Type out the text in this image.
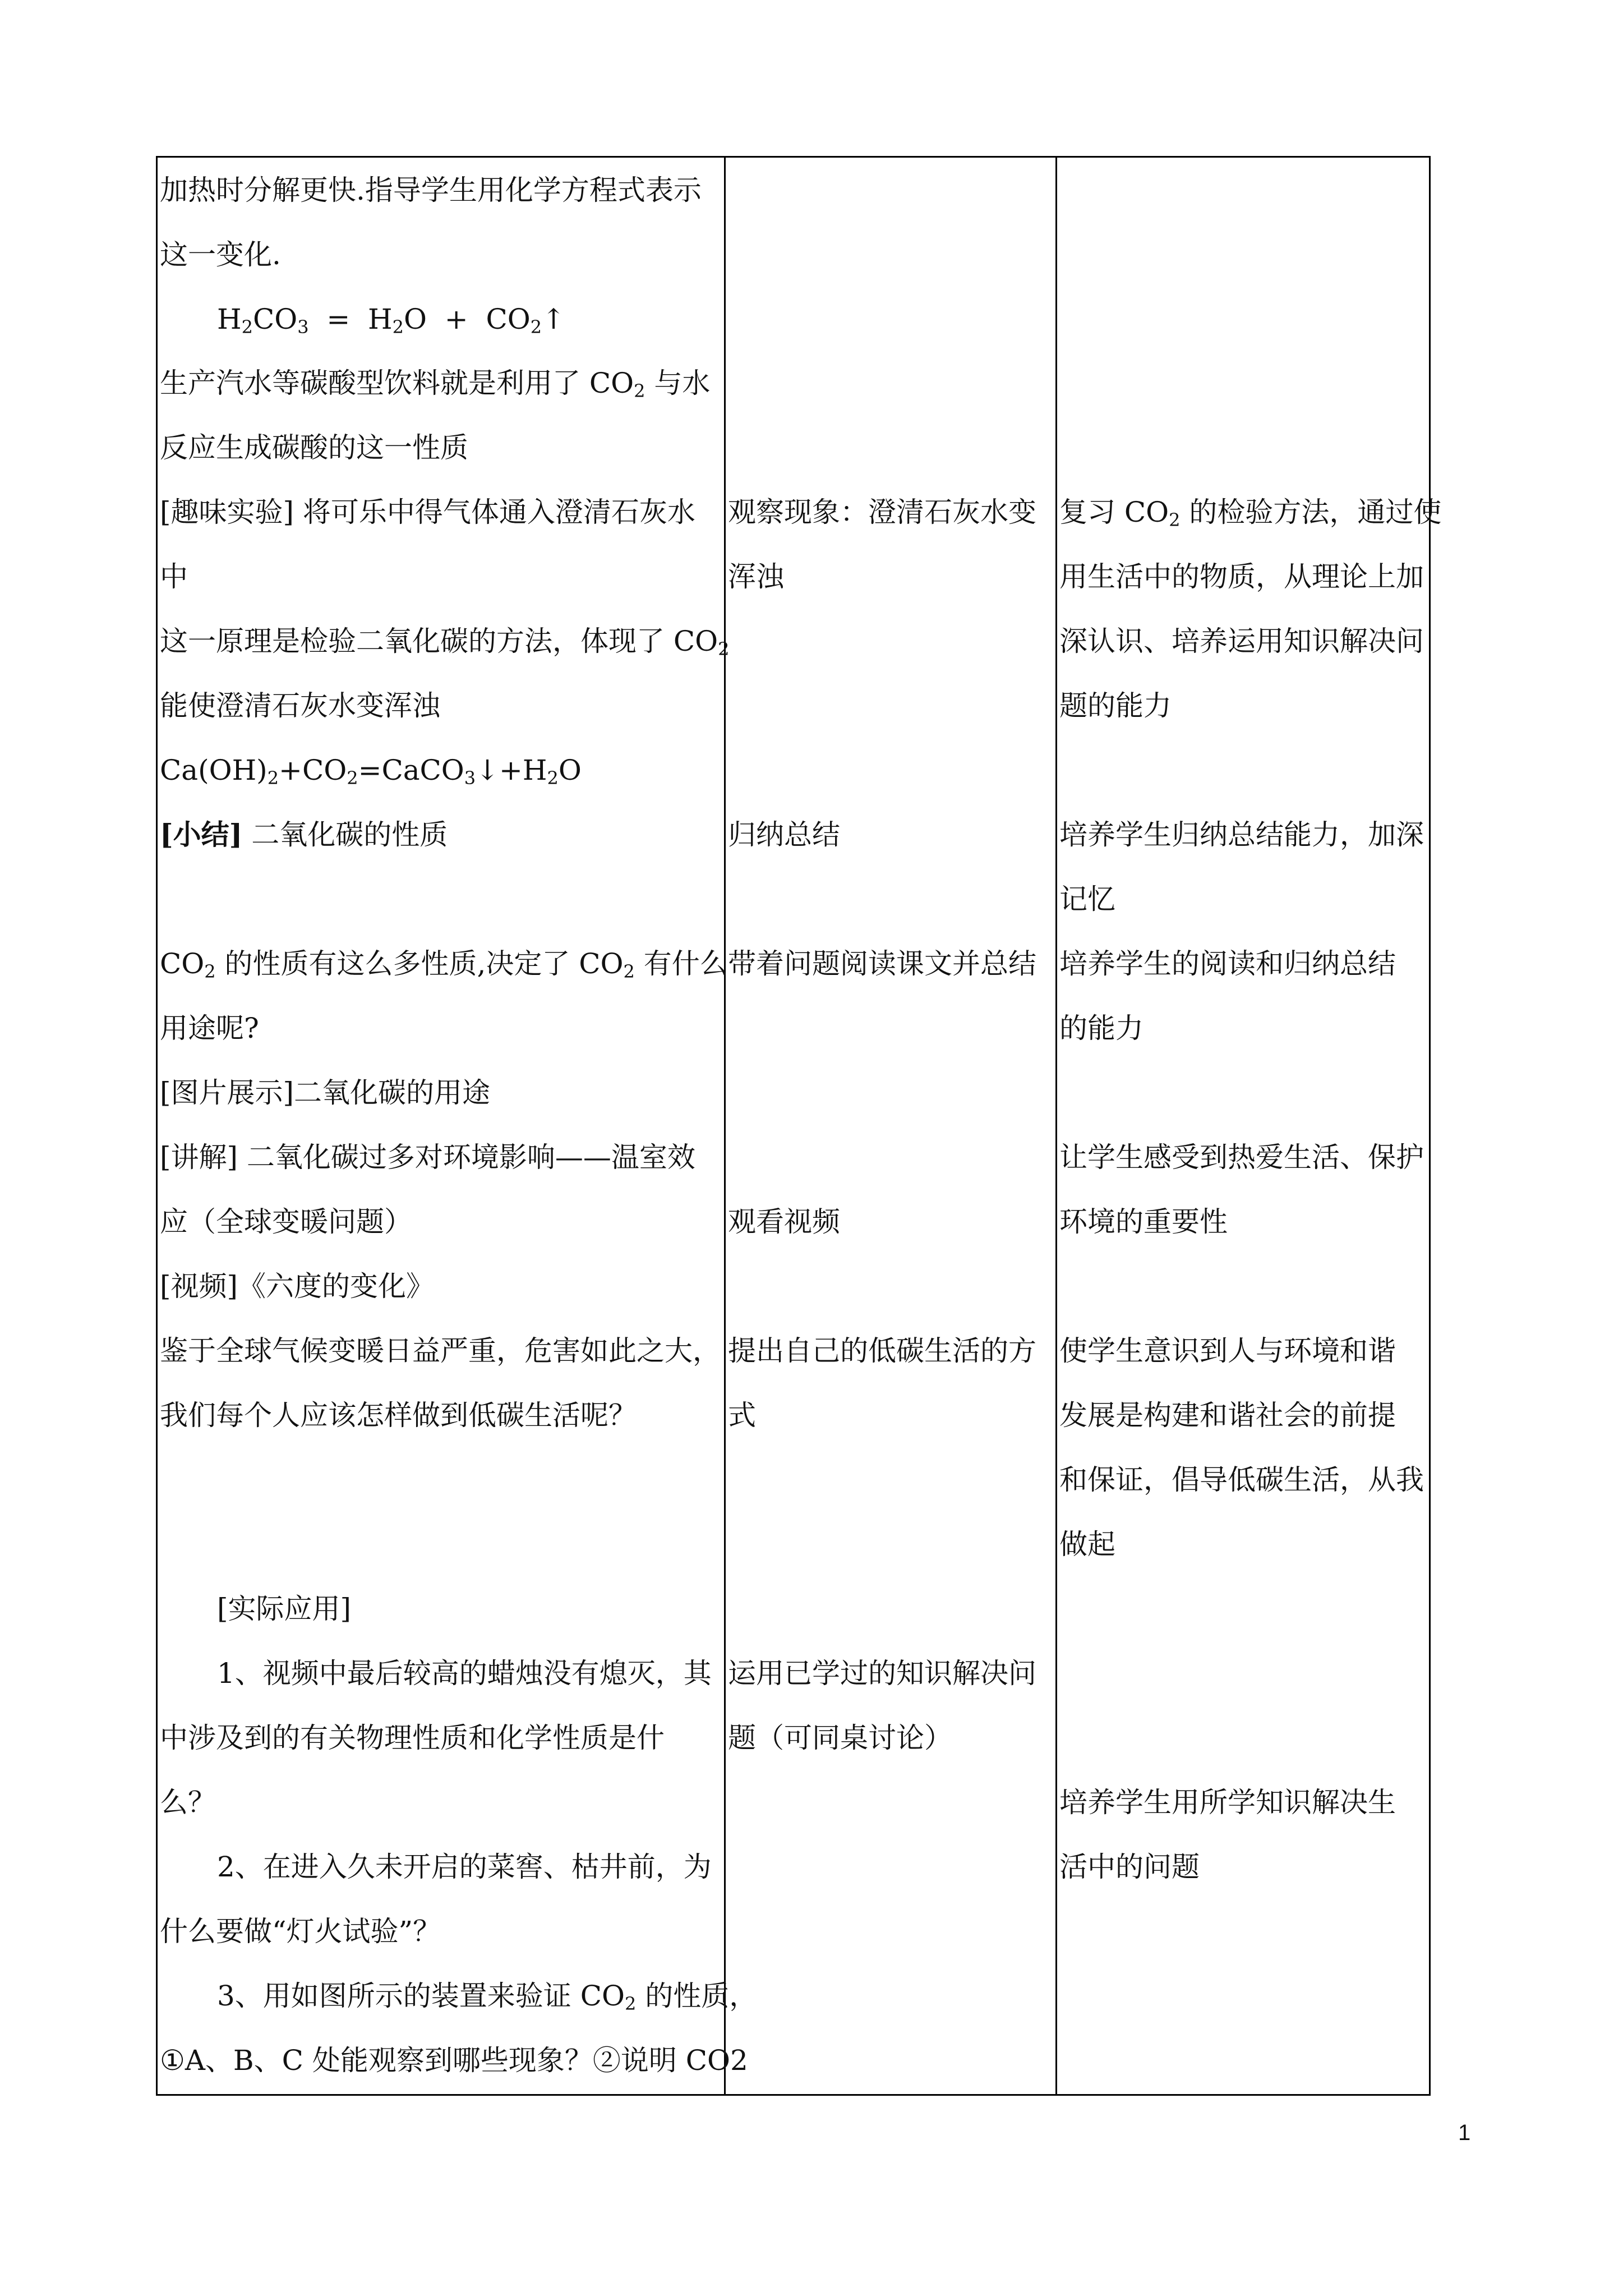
加热时分解更快.指导学生用化学方程式表示
这一变化.
$H_2CO_3 = H_2O$  +  $CO_2↑$
生产汽水等碳酸型饮料就是利用了 $CO_2$ 与水
反应生成碳酸的这一性质
[趣味实验] 将可乐中得气体通入澄清石灰水
中
这一原理是检验二氧化碳的方法，体现了 $CO_2$
能使澄清石灰水变浑浊
$Ca(OH)_2+CO_2=CaCO_3↓+H_2O$
[小结] 二氧化碳的性质
$CO_2$ 的性质有这么多性质,决定了 $CO_2$ 有什么
用途呢?
[图片展示]二氧化碳的用途
[讲解] 二氧化碳过多对环境影响——温室效
应（全球变暖问题）
[视频]《六度的变化》
鉴于全球气候变暖日益严重，危害如此之大，
我们每个人应该怎样做到低碳生活呢？
[实际应用]
1、视频中最后较高的蜡烛没有熄灭，其
中涉及到的有关物理性质和化学性质是什
么？
2、在进入久未开启的菜窖、枯井前，为
什么要做“灯火试验”？
3、用如图所示的装置来验证 $CO_2$ 的性质，
①A、B、C 处能观察到哪些现象？②说明 CO2
观察现象：澄清石灰水变
浑浊
归纳总结
带着问题阅读课文并总结
观看视频
提出自己的低碳生活的方
式
运用已学过的知识解决问
题（可同桌讨论）
复习 $CO_2$ 的检验方法，通过使
用生活中的物质，从理论上加
深认识、培养运用知识解决问
题的能力
培养学生归纳总结能力，加深
记忆
培养学生的阅读和归纳总结
的能力
让学生感受到热爱生活、保护
环境的重要性
使学生意识到人与环境和谐
发展是构建和谐社会的前提
和保证，倡导低碳生活，从我
做起
培养学生用所学知识解决生
活中的问题
1
